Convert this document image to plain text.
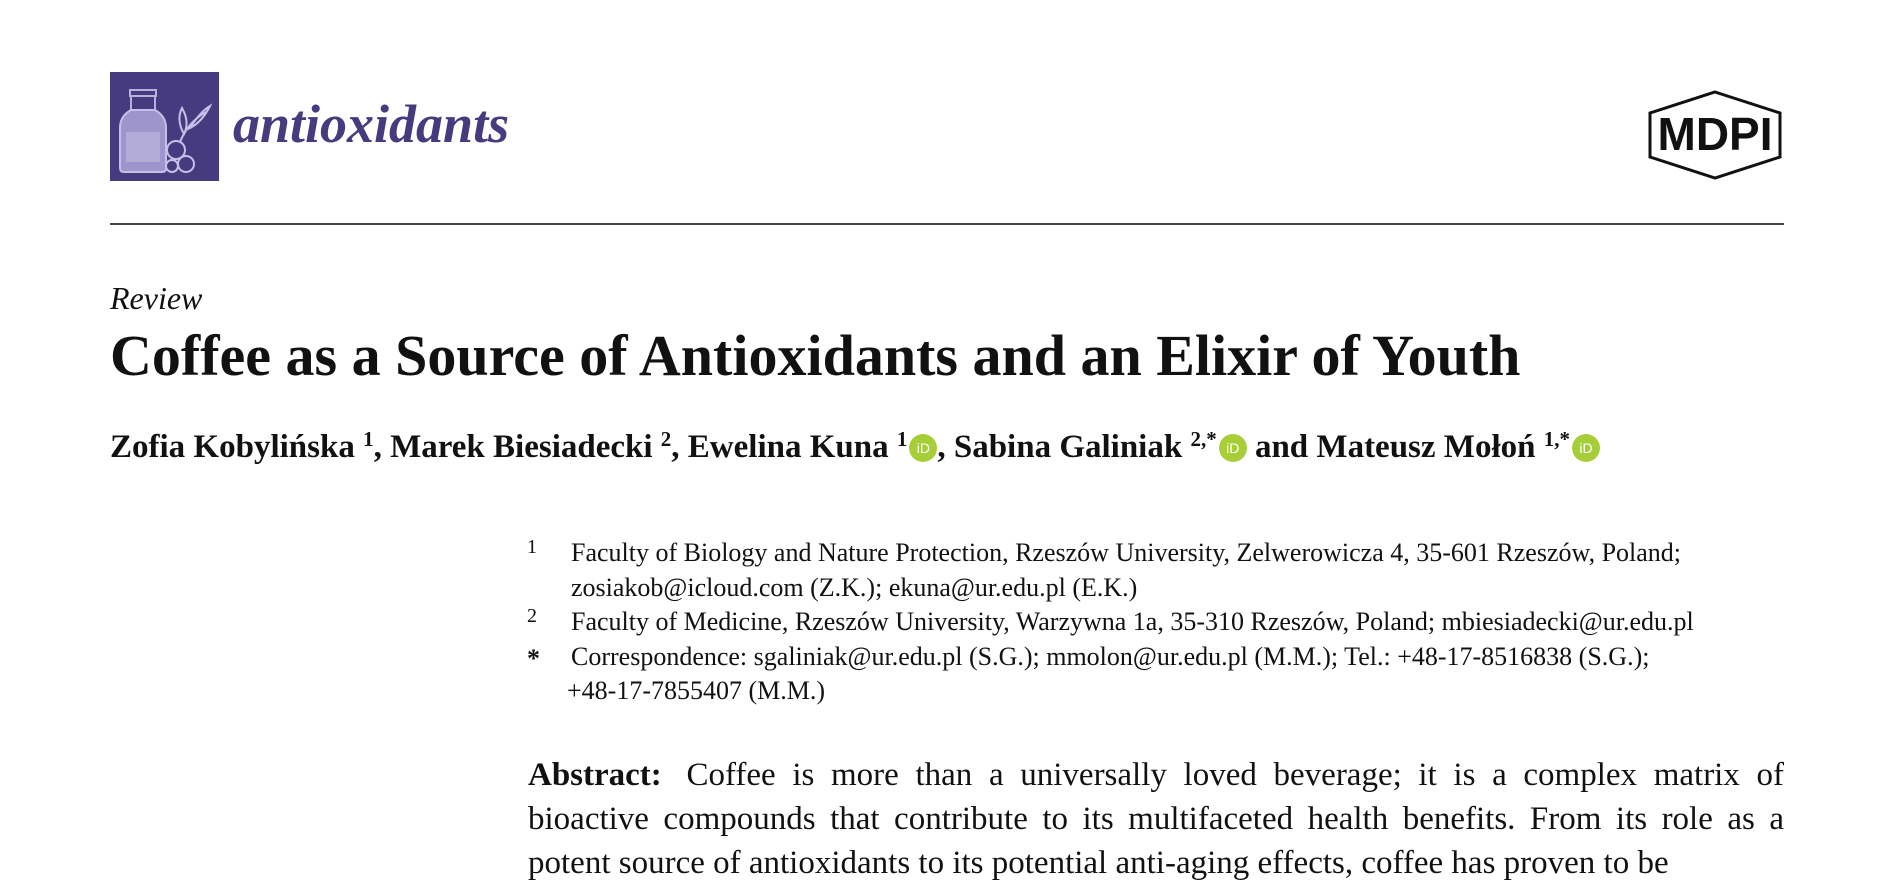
antioxidants	MDPI
Review
Coffee as a Source of Antioxidants and an Elixir of Youth
Zofia Kobylińska $^1$, Marek Biesiadecki $^2$, Ewelina Kuna $^1$ iD , Sabina Galiniak $^{2,*}$ iD and Mateusz Mołoń $^{1,*}$ iD
1 Faculty of Biology and Nature Protection, Rzeszów University, Zelwerowicza 4, 35-601 Rzeszów, Poland;
zosiakob@icloud.com (Z.K.); ekuna@ur.edu.pl (E.K.)
2 Faculty of Medicine, Rzeszów University, Warzywna 1a, 35-310 Rzeszów, Poland; mbiesiadecki@ur.edu.pl
* Correspondence: sgaliniak@ur.edu.pl (S.G.); mmolon@ur.edu.pl (M.M.); Tel.: +48-17-8516838 (S.G.);
+48-17-7855407 (M.M.)
Abstract: Coffee is more than a universally loved beverage; it is a complex matrix of bioactive compounds that contribute to its multifaceted health benefits. From its role as a potent source of antioxidants to its potential anti-aging effects, coffee has proven to be
